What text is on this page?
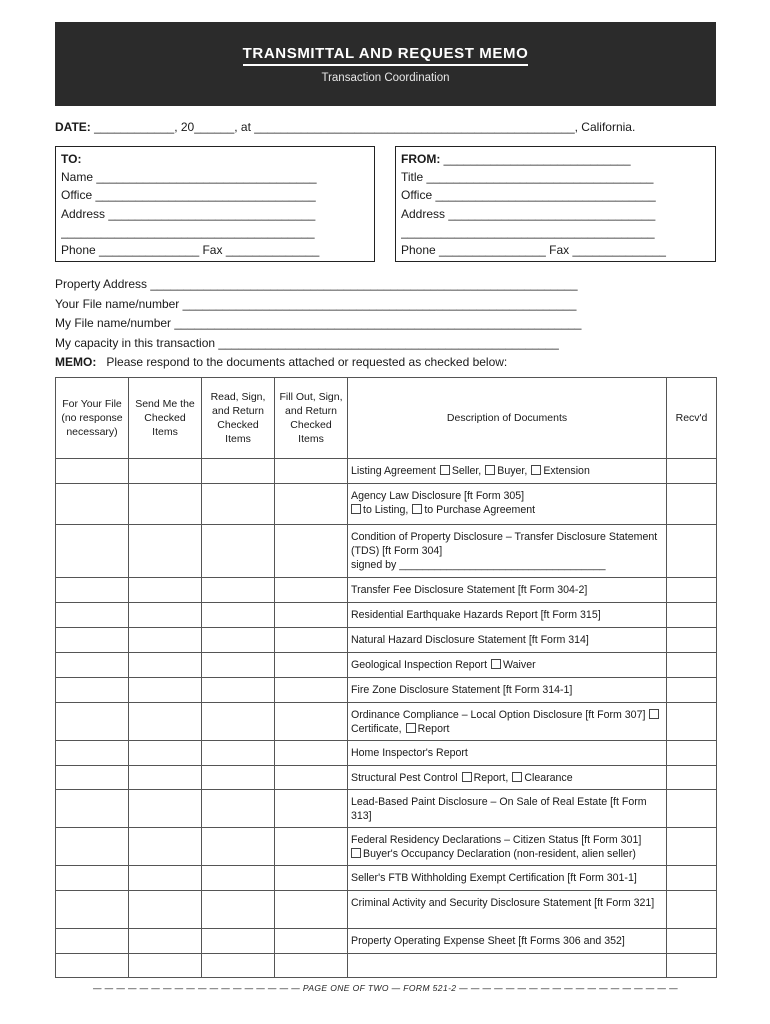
TRANSMITTAL AND REQUEST MEMO
Transaction Coordination
DATE: ____________, 20______, at ________________________________________________, California.
TO:
Name _________________________________
Office _________________________________
Address _______________________________
______________________________________
Phone _______________ Fax ______________
FROM: ____________________________
Title __________________________________
Office _________________________________
Address _______________________________
______________________________________
Phone ________________ Fax ______________
Property Address ________________________________________________________________
Your File name/number ___________________________________________________________
My File name/number _____________________________________________________________
My capacity in this transaction ___________________________________________________
MEMO: Please respond to the documents attached or requested as checked below:
For Your File (no response necessary)	Send Me the Checked Items	Read, Sign, and Return Checked Items	Fill Out, Sign, and Return Checked Items	Description of Documents	Recv'd
				Listing Agreement Seller, Buyer, Extension	

				Agency Law Disclosure [ft Form 305]
to Listing, to Purchase Agreement	

				Condition of Property Disclosure – Transfer Disclosure Statement (TDS) [ft Form 304]
signed by ___________________________________	

				Transfer Fee Disclosure Statement [ft Form 304-2]	
				Residential Earthquake Hazards Report [ft Form 315]	
				Natural Hazard Disclosure Statement [ft Form 314]	
				Geological Inspection Report Waiver	
				Fire Zone Disclosure Statement [ft Form 314-1]	
				Ordinance Compliance – Local Option Disclosure [ft Form 307]Certificate, Report	
				Home Inspector's Report	
				Structural Pest Control Report, Clearance	
				Lead-Based Paint Disclosure – On Sale of Real Estate [ft Form 313]	

				Federal Residency Declarations – Citizen Status [ft Form 301]
Buyer's Occupancy Declaration (non-resident, alien seller)	

				Seller's FTB Withholding Exempt Certification [ft Form 301-1]	
				Criminal Activity and Security Disclosure Statement [ft Form 321]	
				Property Operating Expense Sheet [ft Forms 306 and 352]	

— — — — — — — — — — — — — — — — — — PAGE ONE OF TWO — FORM 521-2 — — — — — — — — — — — — — — — — — — —
